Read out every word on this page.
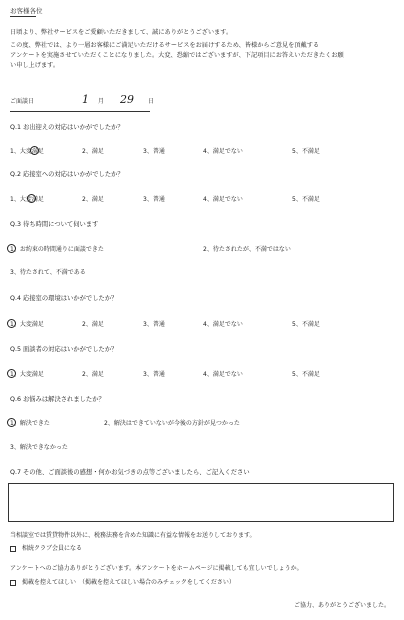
お客様各位
日頃より、弊社サービスをご愛顧いただきまして、誠にありがとうございます。
この度、弊社では、より一層お客様にご満足いただけるサービスをお届けするため、皆様からご意見を頂戴する
アンケートを実施させていただくことになりました。大変、恐縮ではございますが、下記項目にお答えいただきたくお願
い申し上げます。
ご面談日	1 月 29 日
Q.1 お出迎えの対応はいかがでしたか？
1、大変満足	2、満足	3、普通	4、満足でない	5、不満足
Q.2 応接室への対応はいかがでしたか？
1、大変満足	2、満足	3、普通	4、満足でない	5、不満足
Q.3 待ち時間について伺います
1、お約束の時間通りに面談できた	2、待たされたが、不満ではない
3、待たされて、不満である
Q.4 応接室の環境はいかがでしたか？
1、大変満足	2、満足	3、普通	4、満足でない	5、不満足
Q.5 面談者の対応はいかがでしたか？
1、大変満足	2、満足	3、普通	4、満足でない	5、不満足
Q.6 お悩みは解決されましたか？
1、解決できた	2、解決はできていないが今後の方針が見つかった
3、解決できなかった
Q.7 その他、ご面談後の感想・何かお気づきの点等ございましたら、ご記入ください
当相談室では賃貸物件以外に、税務法務を含めた知識に有益な情報をお送りしております。
相続クラブ会員になる
アンケートへのご協力ありがとうございます。本アンケートをホームページに掲載しても宜しいでしょうか。
掲載を控えてほしい　（掲載を控えてほしい場合のみチェックをしてください）
ご協力、ありがとうございました。
